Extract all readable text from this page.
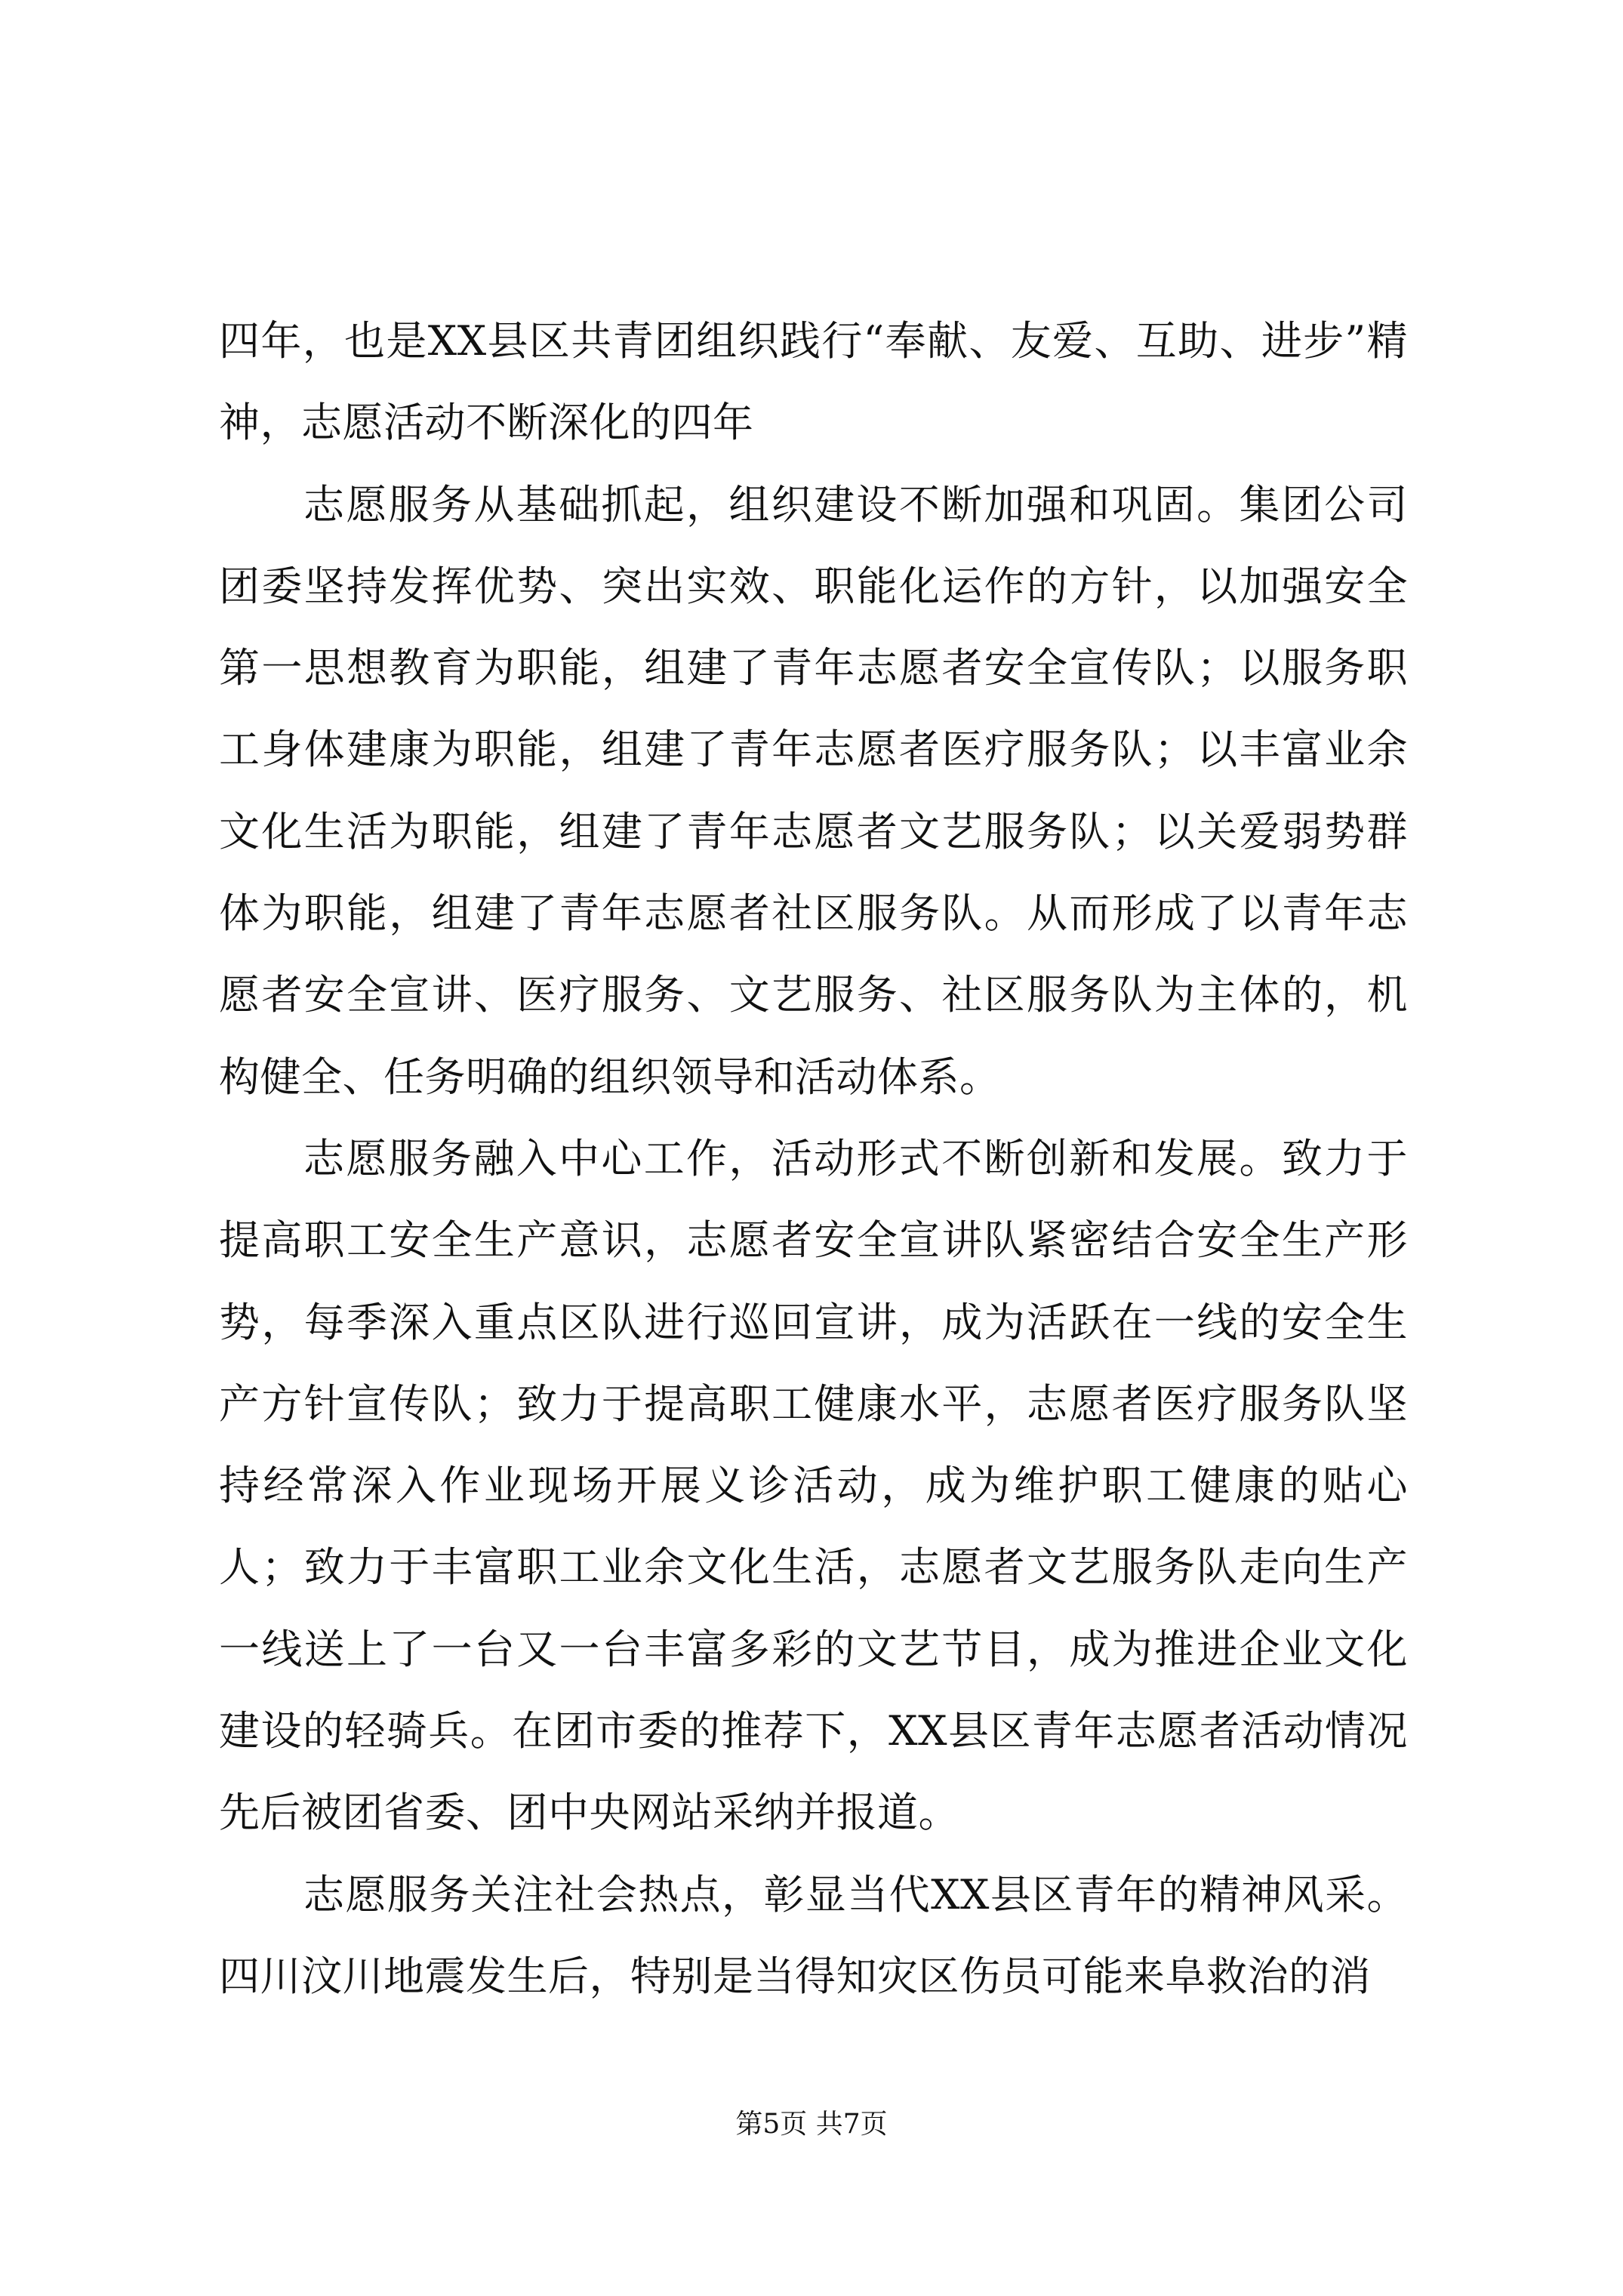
四年，也是XX县区共青团组织践行“奉献、友爱、互助、进步”精神，志愿活动不断深化的四年

志愿服务从基础抓起，组织建设不断加强和巩固。集团公司团委坚持发挥优势、突出实效、职能化运作的方针，以加强安全第一思想教育为职能，组建了青年志愿者安全宣传队；以服务职工身体建康为职能，组建了青年志愿者医疗服务队；以丰富业余文化生活为职能，组建了青年志愿者文艺服务队；以关爱弱势群体为职能，组建了青年志愿者社区服务队。从而形成了以青年志愿者安全宣讲、医疗服务、文艺服务、社区服务队为主体的，机构健全、任务明确的组织领导和活动体系。

志愿服务融入中心工作，活动形式不断创新和发展。致力于提高职工安全生产意识，志愿者安全宣讲队紧密结合安全生产形势，每季深入重点区队进行巡回宣讲，成为活跃在一线的安全生产方针宣传队；致力于提高职工健康水平，志愿者医疗服务队坚持经常深入作业现场开展义诊活动，成为维护职工健康的贴心人；致力于丰富职工业余文化生活，志愿者文艺服务队走向生产一线送上了一台又一台丰富多彩的文艺节目，成为推进企业文化建设的轻骑兵。在团市委的推荐下，XX县区青年志愿者活动情况先后被团省委、团中央网站采纳并报道。

志愿服务关注社会热点，彰显当代XX县区青年的精神风采。四川汶川地震发生后，特别是当得知灾区伤员可能来阜救治的消

第5页 共7页
